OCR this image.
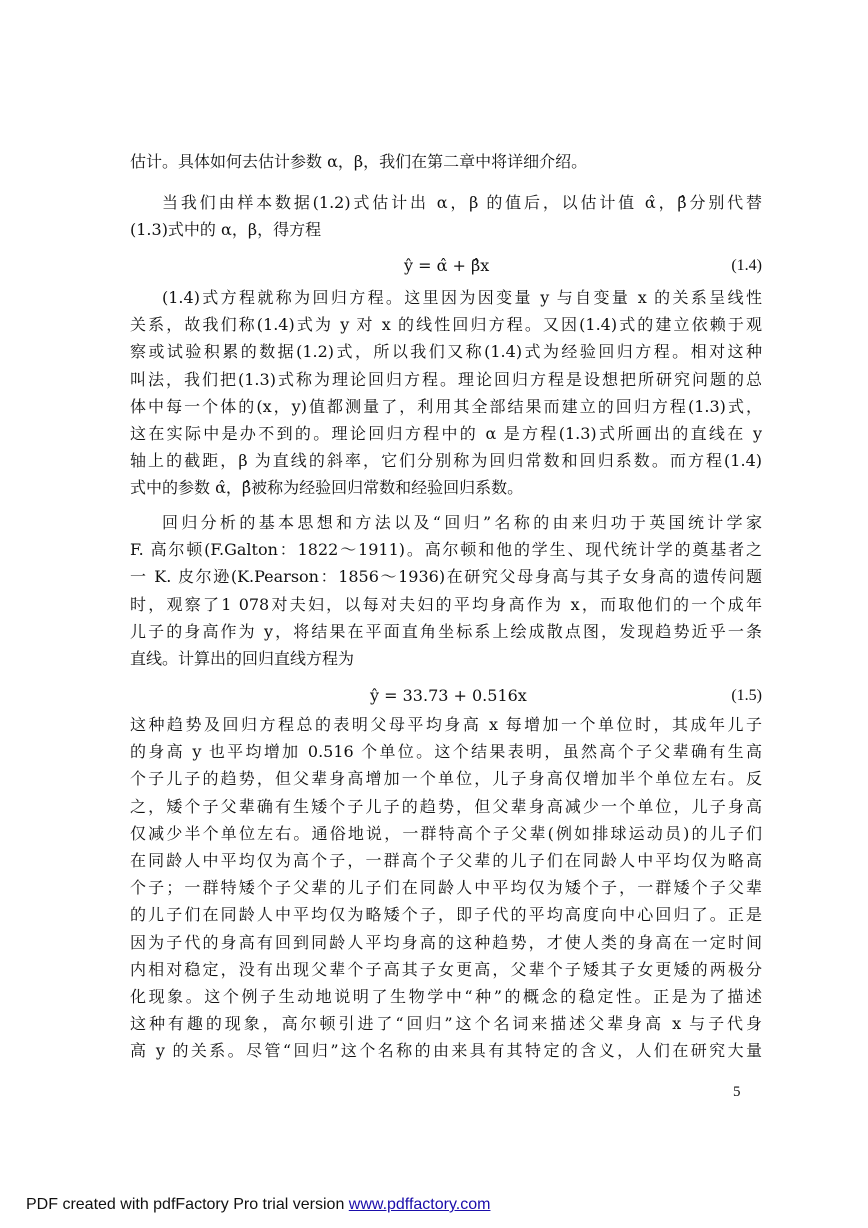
估计。具体如何去估计参数 α，β，我们在第二章中将详细介绍。
当我们由样本数据(1.2)式估计出 α，β 的值后，以估计值 α̂，β̂分别代替
(1.3)式中的 α，β，得方程
ŷ = α̂ + β̂x	(1.4)
(1.4)式方程就称为回归方程。这里因为因变量 y 与自变量 x 的关系呈线性
关系，故我们称(1.4)式为 y 对 x 的线性回归方程。又因(1.4)式的建立依赖于观
察或试验积累的数据(1.2)式，所以我们又称(1.4)式为经验回归方程。相对这种
叫法，我们把(1.3)式称为理论回归方程。理论回归方程是设想把所研究问题的总
体中每一个体的(x，y)值都测量了，利用其全部结果而建立的回归方程(1.3)式，
这在实际中是办不到的。理论回归方程中的 α 是方程(1.3)式所画出的直线在 y
轴上的截距，β 为直线的斜率，它们分别称为回归常数和回归系数。而方程(1.4)
式中的参数 α̂，β̂被称为经验回归常数和经验回归系数。
回归分析的基本思想和方法以及“回归”名称的由来归功于英国统计学家
F. 高尔顿(F.Galton：1822～1911)。高尔顿和他的学生、现代统计学的奠基者之
一 K. 皮尔逊(K.Pearson：1856～1936)在研究父母身高与其子女身高的遗传问题
时，观察了1 078对夫妇，以每对夫妇的平均身高作为 x，而取他们的一个成年
儿子的身高作为 y，将结果在平面直角坐标系上绘成散点图，发现趋势近乎一条
直线。计算出的回归直线方程为
ŷ = 33.73 + 0.516x	(1.5)
这种趋势及回归方程总的表明父母平均身高 x 每增加一个单位时，其成年儿子
的身高 y 也平均增加 0.516 个单位。这个结果表明，虽然高个子父辈确有生高
个子儿子的趋势，但父辈身高增加一个单位，儿子身高仅增加半个单位左右。反
之，矮个子父辈确有生矮个子儿子的趋势，但父辈身高减少一个单位，儿子身高
仅减少半个单位左右。通俗地说，一群特高个子父辈(例如排球运动员)的儿子们
在同龄人中平均仅为高个子，一群高个子父辈的儿子们在同龄人中平均仅为略高
个子；一群特矮个子父辈的儿子们在同龄人中平均仅为矮个子，一群矮个子父辈
的儿子们在同龄人中平均仅为略矮个子，即子代的平均高度向中心回归了。正是
因为子代的身高有回到同龄人平均身高的这种趋势，才使人类的身高在一定时间
内相对稳定，没有出现父辈个子高其子女更高，父辈个子矮其子女更矮的两极分
化现象。这个例子生动地说明了生物学中“种”的概念的稳定性。正是为了描述
这种有趣的现象，高尔顿引进了“回归”这个名词来描述父辈身高 x 与子代身
高 y 的关系。尽管“回归”这个名称的由来具有其特定的含义，人们在研究大量
5
PDF created with pdfFactory Pro trial version www.pdffactory.com
